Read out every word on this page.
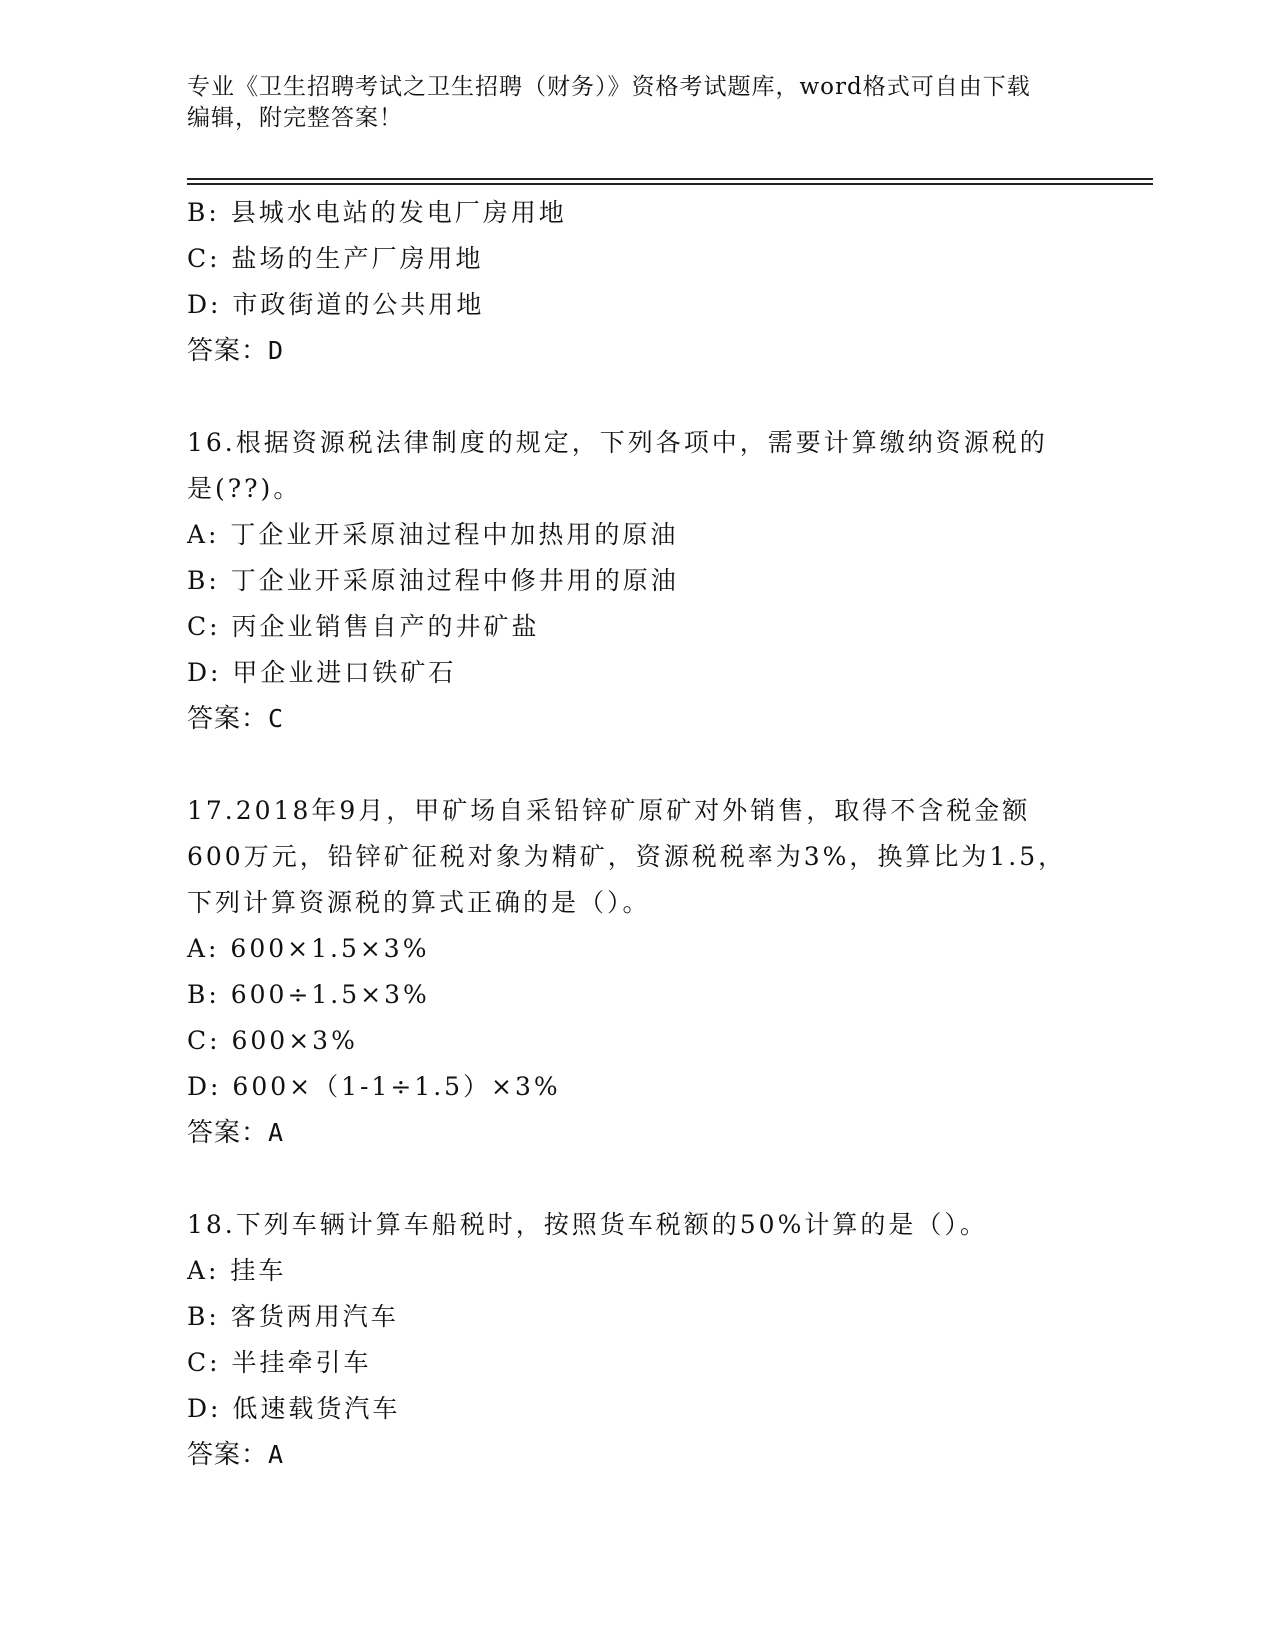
专业《卫生招聘考试之卫生招聘（财务）》资格考试题库，word格式可自由下载
编辑，附完整答案！
B: 县城水电站的发电厂房用地
C: 盐场的生产厂房用地
D: 市政街道的公共用地
答案：D
16.根据资源税法律制度的规定，下列各项中，需要计算缴纳资源税的
是(??)。
A: 丁企业开采原油过程中加热用的原油
B: 丁企业开采原油过程中修井用的原油
C: 丙企业销售自产的井矿盐
D: 甲企业进口铁矿石
答案：C
17.2018年9月，甲矿场自采铅锌矿原矿对外销售，取得不含税金额
600万元，铅锌矿征税对象为精矿，资源税税率为3%，换算比为1.5，
下列计算资源税的算式正确的是（）。
A: 600×1.5×3%
B: 600÷1.5×3%
C: 600×3%
D: 600×（1-1÷1.5）×3%
答案：A
18.下列车辆计算车船税时，按照货车税额的50%计算的是（）。
A: 挂车
B: 客货两用汽车
C: 半挂牵引车
D: 低速载货汽车
答案：A
